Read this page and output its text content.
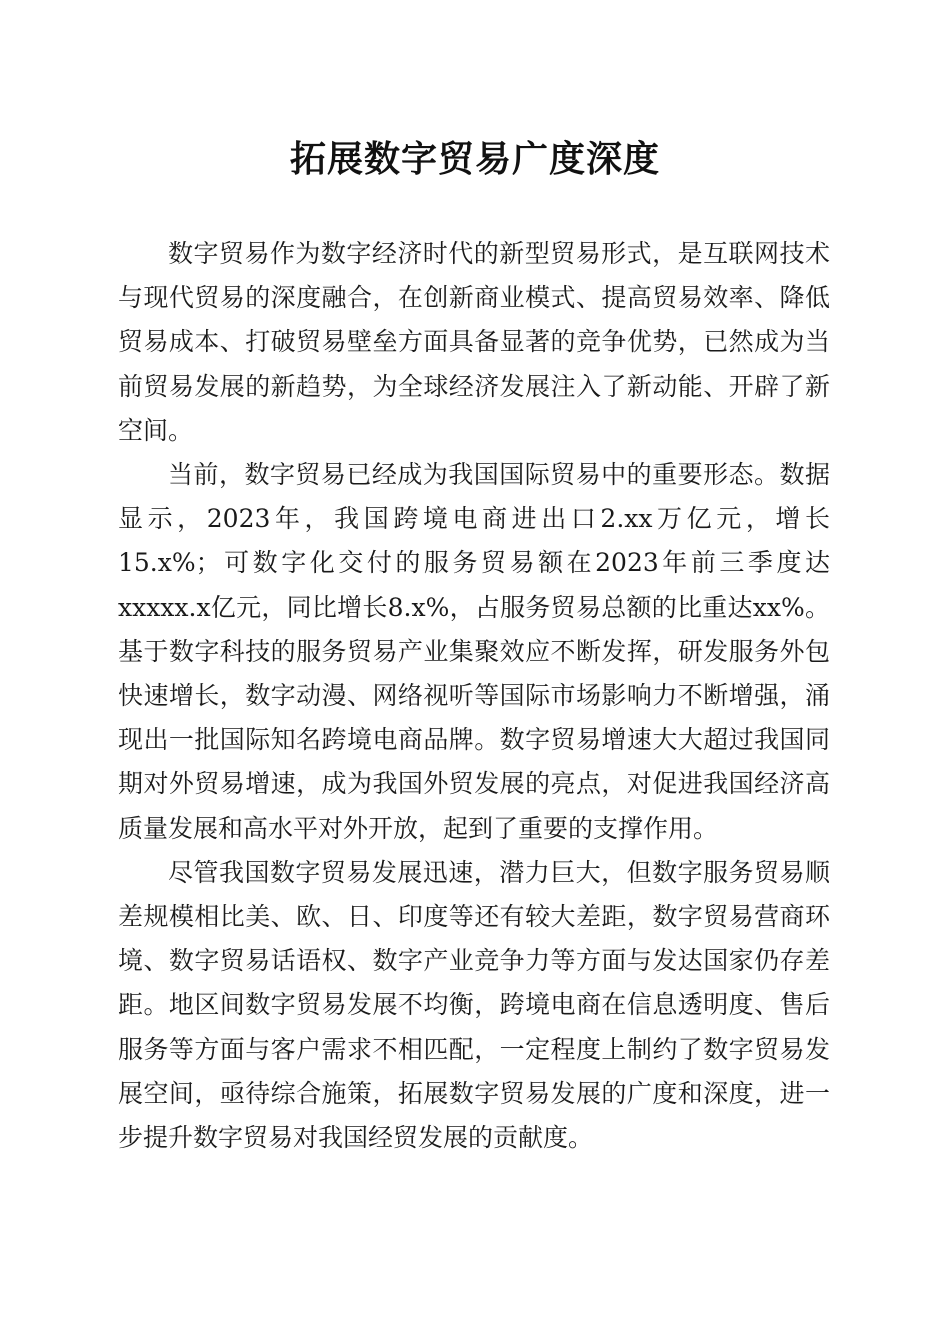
拓展数字贸易广度深度

数字贸易作为数字经济时代的新型贸易形式，是互联网技术与现代贸易的深度融合，在创新商业模式、提高贸易效率、降低贸易成本、打破贸易壁垒方面具备显著的竞争优势，已然成为当前贸易发展的新趋势，为全球经济发展注入了新动能、开辟了新空间。

当前，数字贸易已经成为我国国际贸易中的重要形态。数据显示，2023年，我国跨境电商进出口2.xx万亿元，增长15.x%；可数字化交付的服务贸易额在2023年前三季度达xxxxx.x亿元，同比增长8.x%，占服务贸易总额的比重达xx%。基于数字科技的服务贸易产业集聚效应不断发挥，研发服务外包快速增长，数字动漫、网络视听等国际市场影响力不断增强，涌现出一批国际知名跨境电商品牌。数字贸易增速大大超过我国同期对外贸易增速，成为我国外贸发展的亮点，对促进我国经济高质量发展和高水平对外开放，起到了重要的支撑作用。

尽管我国数字贸易发展迅速，潜力巨大，但数字服务贸易顺差规模相比美、欧、日、印度等还有较大差距，数字贸易营商环境、数字贸易话语权、数字产业竞争力等方面与发达国家仍存差距。地区间数字贸易发展不均衡，跨境电商在信息透明度、售后服务等方面与客户需求不相匹配，一定程度上制约了数字贸易发展空间，亟待综合施策，拓展数字贸易发展的广度和深度，进一步提升数字贸易对我国经贸发展的贡献度。
